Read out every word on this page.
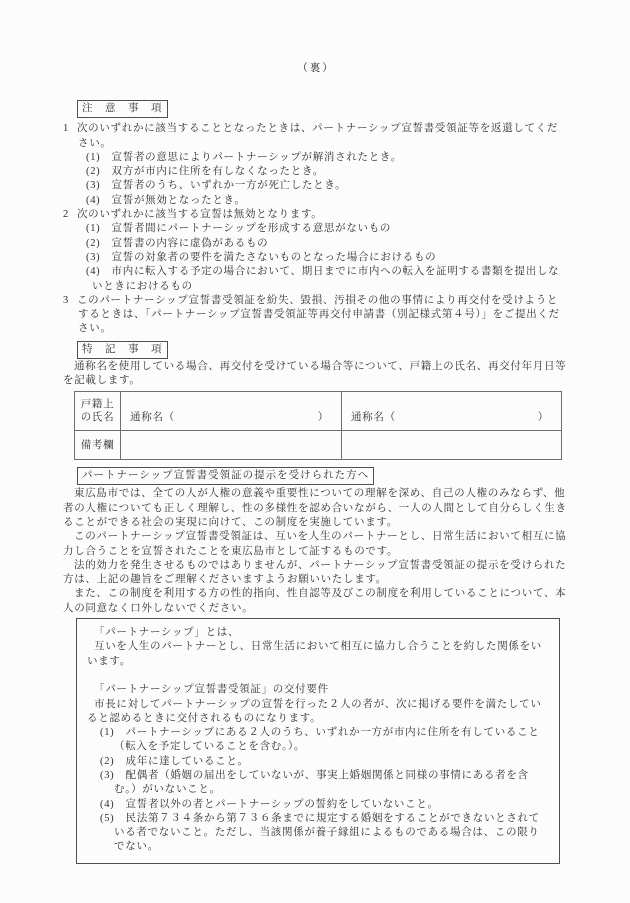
（裏）
注　意　事　項
1 次のいずれかに該当することとなったときは、パートナーシップ宣誓書受領証等を返還してください。
(1)　宣誓者の意思によりパートナーシップが解消されたとき。
(2)　双方が市内に住所を有しなくなったとき。
(3)　宣誓者のうち、いずれか一方が死亡したとき。
(4)　宣誓が無効となったとき。
2 次のいずれかに該当する宣誓は無効となります。
(1)　宣誓者間にパートナーシップを形成する意思がないもの
(2)　宣誓書の内容に虚偽があるもの
(3)　宣誓の対象者の要件を満たさないものとなった場合におけるもの
(4)　市内に転入する予定の場合において、期日までに市内への転入を証明する書類を提出しないときにおけるもの
3 このパートナーシップ宣誓書受領証を紛失、毀損、汚損その他の事情により再交付を受けようとするときは、「パートナーシップ宣誓書受領証等再交付申請書（別記様式第４号）」をご提出ください。
特　記　事　項
通称名を使用している場合、再交付を受けている場合等について、戸籍上の氏名、再交付年月日等を記載します。
戸籍上
の氏名 通称名（	） 通称名（	）
備考欄
パートナーシップ宣誓書受領証の提示を受けられた方へ
東広島市では、全ての人が人権の意義や重要性についての理解を深め、自己の人権のみならず、他者の人権についても正しく理解し、性の多様性を認め合いながら、一人の人間として自分らしく生きることができる社会の実現に向けて、この制度を実施しています。
このパートナーシップ宣誓書受領証は、互いを人生のパートナーとし、日常生活において相互に協力し合うことを宣誓されたことを東広島市として証するものです。
法的効力を発生させるものではありませんが、パートナーシップ宣誓書受領証の提示を受けられた方は、上記の趣旨をご理解くださいますようお願いいたします。
また、この制度を利用する方の性的指向、性自認等及びこの制度を利用していることについて、本人の同意なく口外しないでください。
「パートナーシップ」とは、
互いを人生のパートナーとし、日常生活において相互に協力し合うことを約した関係をいいます。
「パートナーシップ宣誓書受領証」の交付要件
市長に対してパートナーシップの宣誓を行った２人の者が、次に掲げる要件を満たしていると認めるときに交付されるものになります。
(1)　パートナーシップにある２人のうち、いずれか一方が市内に住所を有していること（転入を予定していることを含む。）。
(2)　成年に達していること。
(3)　配偶者（婚姻の届出をしていないが、事実上婚姻関係と同様の事情にある者を含む。）がいないこと。
(4)　宣誓者以外の者とパートナーシップの誓約をしていないこと。
(5)　民法第７３４条から第７３６条までに規定する婚姻をすることができないとされている者でないこと。ただし、当該関係が養子縁組によるものである場合は、この限りでない。
